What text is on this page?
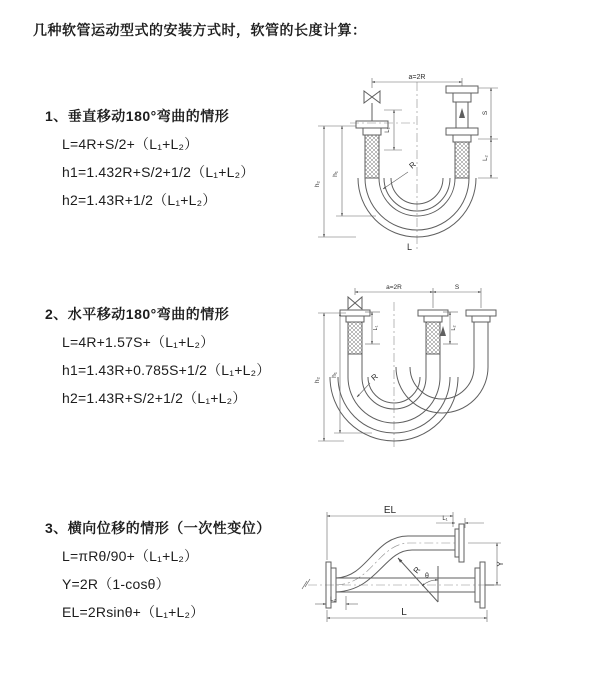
几种软管运动型式的安装方式时，软管的长度计算：
1、垂直移动180°弯曲的情形
L=4R+S/2+（L₁+L₂）
h1=1.432R+S/2+1/2（L₁+L₂）
h2=1.43R+1/2（L₁+L₂）
2、水平移动180°弯曲的情形
L=4R+1.57S+（L₁+L₂）
h1=1.43R+0.785S+1/2（L₁+L₂）
h2=1.43R+S/2+1/2（L₁+L₂）
3、横向位移的情形（一次性变位）
L=πRθ/90+（L₁+L₂）
Y=2R（1-cosθ）
EL=2Rsinθ+（L₁+L₂）
a=2R
h₂
h₁
L₁
S
L₂
R
L
a=2R	S
h₂
h₁
L₁	L₂
R
EL
L₁
Y
L
L₂
R
θ
